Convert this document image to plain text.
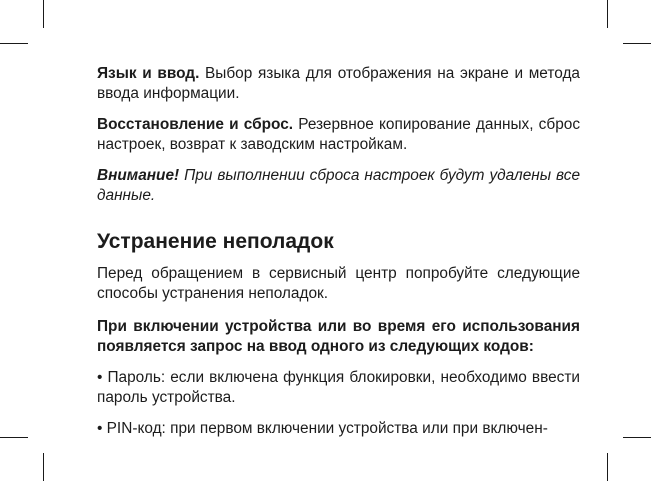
Язык и ввод. Выбор языка для отображения на экране и метода ввода информации.

Восстановление и сброс. Резервное копирование данных, сброс настроек, возврат к заводским настройкам.

Внимание! При выполнении сброса настроек будут удалены все данные.

Устранение неполадок

Перед обращением в сервисный центр попробуйте следующие способы устранения неполадок.

При включении устройства или во время его использования появляется запрос на ввод одного из следующих кодов:

• Пароль: если включена функция блокировки, необходимо ввести пароль устройства.

• PIN-код: при первом включении устройства или при включен-
